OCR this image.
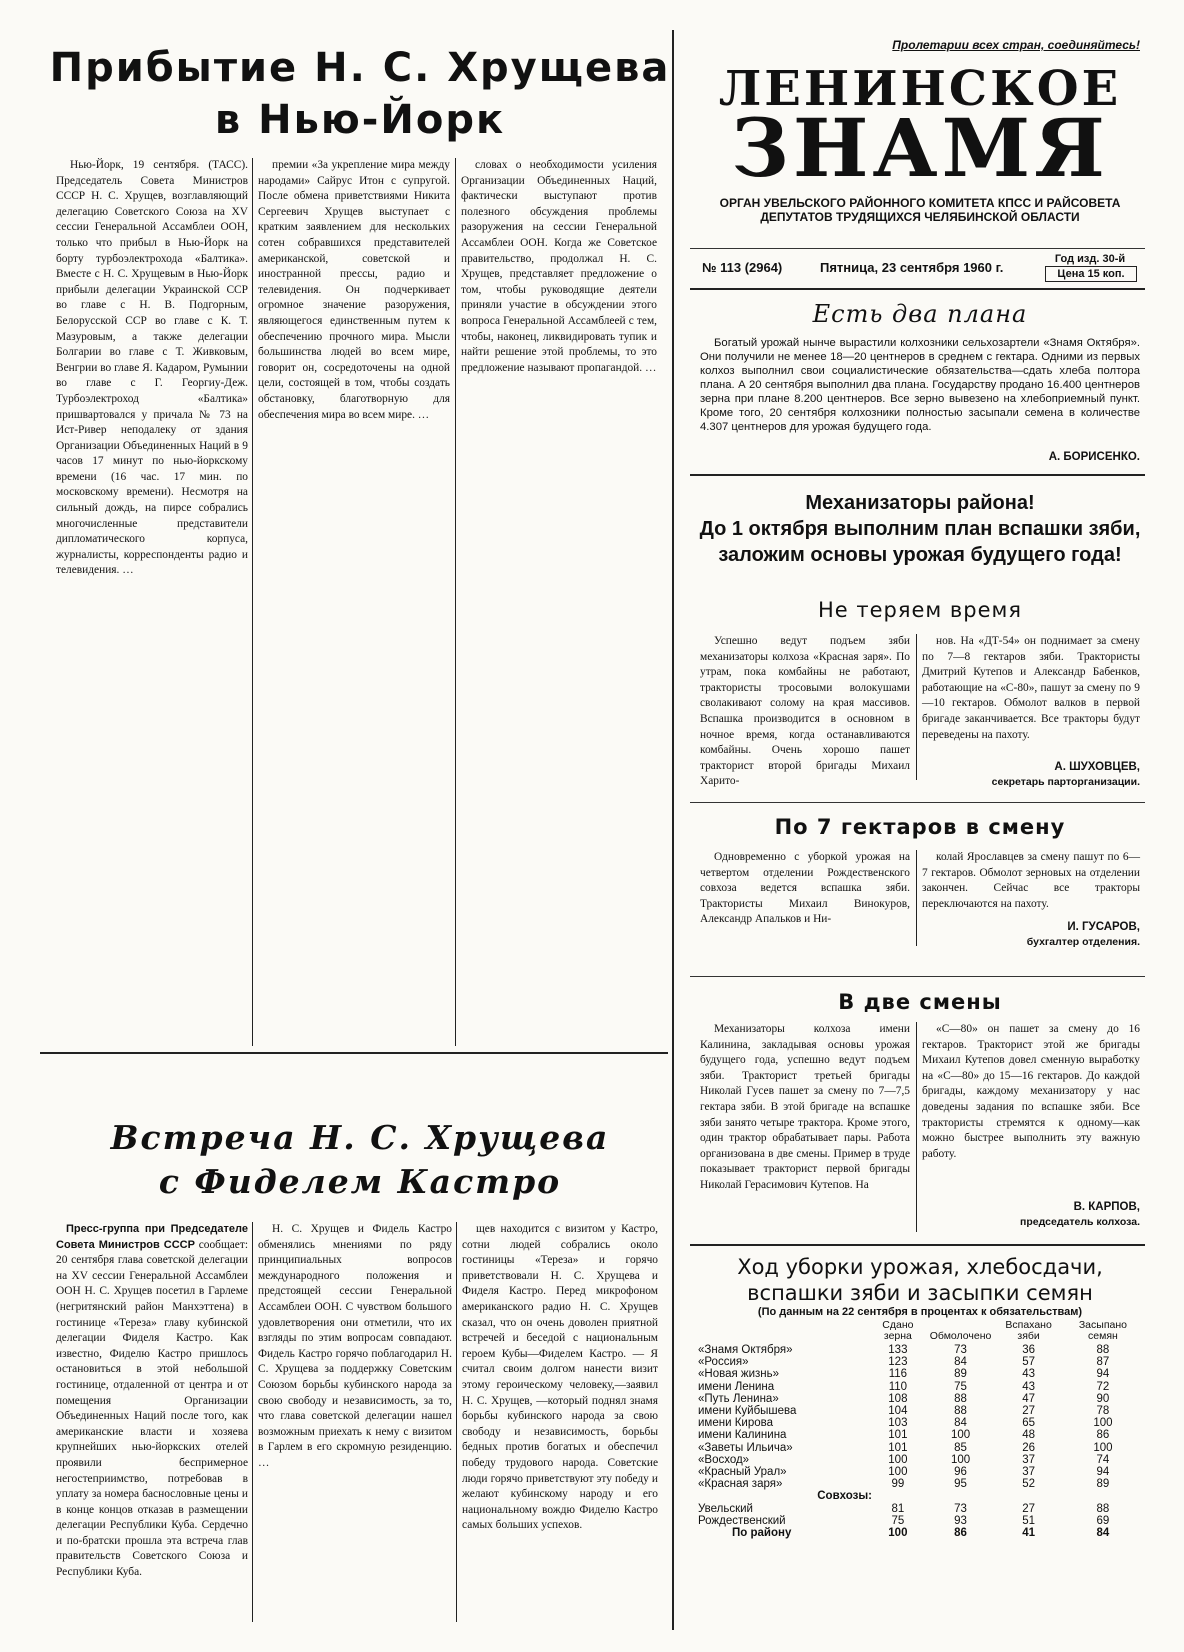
Прибытие Н. С. Хрущева в Нью-Йорк

Нью-Йорк, 19 сентября. (ТАСС). Председатель Совета Министров СССР Н. С. Хрущев, возглавляющий делегацию Советского Союза на XV сессии Генеральной Ассамблеи ООН, только что прибыл в Нью-Йорк на борту турбоэлектрохода «Балтика». Вместе с Н. С. Хрущевым в Нью-Йорк прибыли делегации Украинской ССР во главе с Н. В. Подгорным, Белорусской ССР во главе с К. Т. Мазуровым, а также делегации Болгарии во главе с Т. Живковым, Венгрии во главе Я. Кадаром, Румынии во главе с Г. Георгиу-Деж. Турбоэлектроход «Балтика» пришвартовался у причала № 73 на Ист-Ривер неподалеку от здания Организации Объединенных Наций в 9 часов 17 минут по нью-йоркскому времени (16 час. 17 мин. по московскому времени). Несмотря на сильный дождь, на пирсе собрались многочисленные представители дипломатического корпуса, журналисты, корреспонденты радио и телевидения. …

премии «За укрепление мира между народами» Сайрус Итон с супругой. После обмена приветствиями Никита Сергеевич Хрущев выступает с кратким заявлением для нескольких сотен собравшихся представителей американской, советской и иностранной прессы, радио и телевидения. Он подчеркивает огромное значение разоружения, являющегося единственным путем к обеспечению прочного мира. Мысли большинства людей во всем мире, говорит он, сосредоточены на одной цели, состоящей в том, чтобы создать обстановку, благотворную для обеспечения мира во всем мире. …

словах о необходимости усиления Организации Объединенных Наций, фактически выступают против полезного обсуждения проблемы разоружения на сессии Генеральной Ассамблеи ООН. Когда же Советское правительство, продолжал Н. С. Хрущев, представляет предложение о том, чтобы руководящие деятели приняли участие в обсуждении этого вопроса Генеральной Ассамблеей с тем, чтобы, наконец, ликвидировать тупик и найти решение этой проблемы, то это предложение называют пропагандой. …

Встреча Н. С. Хрущева
с Фиделем Кастро

Пресс-группа при Председателе Совета Министров СССР сообщает: 20 сентября глава советской делегации на XV сессии Генеральной Ассамблеи ООН Н. С. Хрущев посетил в Гарлеме (негритянский район Манхэттена) в гостинице «Тереза» главу кубинской делегации Фиделя Кастро. Как известно, Фиделю Кастро пришлось остановиться в этой небольшой гостинице, отдаленной от центра и от помещения Организации Объединенных Наций после того, как американские власти и хозяева крупнейших нью-йоркских отелей проявили беспримерное негостеприимство, потребовав в уплату за номера баснословные цены и в конце концов отказав в размещении делегации Республики Куба. Сердечно и по-братски прошла эта встреча глав правительств Советского Союза и Республики Куба.

Н. С. Хрущев и Фидель Кастро обменялись мнениями по ряду принципиальных вопросов международного положения и предстоящей сессии Генеральной Ассамблеи ООН. С чувством большого удовлетворения они отметили, что их взгляды по этим вопросам совпадают. Фидель Кастро горячо поблагодарил Н. С. Хрущева за поддержку Советским Союзом борьбы кубинского народа за свою свободу и независимость, за то, что глава советской делегации нашел возможным приехать к нему с визитом в Гарлем в его скромную резиденцию. …

щев находится с визитом у Кастро, сотни людей собрались около гостиницы «Тереза» и горячо приветствовали Н. С. Хрущева и Фиделя Кастро. Перед микрофоном американского радио Н. С. Хрущев сказал, что он очень доволен приятной встречей и беседой с национальным героем Кубы—Фиделем Кастро. — Я считал своим долгом нанести визит этому героическому человеку,—заявил Н. С. Хрущев, —который поднял знамя борьбы кубинского народа за свою свободу и независимость, борьбы бедных против богатых и обеспечил победу трудового народа. Советские люди горячо приветствуют эту победу и желают кубинскому народу и его национальному вождю Фиделю Кастро самых больших успехов.

Пролетарии всех стран, соединяйтесь!
ЛЕНИНСКОЕ
ЗНАМЯ
ОРГАН УВЕЛЬСКОГО РАЙОННОГО КОМИТЕТА КПСС И РАЙСОВЕТА ДЕПУТАТОВ ТРУДЯЩИХСЯ ЧЕЛЯБИНСКОЙ ОБЛАСТИ
№ 113 (2964)	Пятница, 23 сентября 1960 г.
Год изд. 30-й
Цена 15 коп.
Есть два плана

Богатый урожай нынче вырастили колхозники сельхозартели «Знамя Октября». Они получили не менее 18—20 центнеров в среднем с гектара. Одними из первых колхоз выполнил свои социалистические обязательства—сдать хлеба полтора плана. А 20 сентября выполнил два плана. Государству продано 16.400 центнеров зерна при плане 8.200 центнеров. Все зерно вывезено на хлебоприемный пункт. Кроме того, 20 сентября колхозники полностью засыпали семена в количестве 4.307 центнеров для урожая будущего года.

А. БОРИСЕНКО.
Механизаторы района!
До 1 октября выполним план вспашки зяби, заложим основы урожая будущего года!
Не теряем время

Успешно ведут подъем зяби механизаторы колхоза «Красная заря». По утрам, пока комбайны не работают, трактористы тросовыми волокушами сволакивают солому на края массивов. Вспашка производится в основном в ночное время, когда останавливаются комбайны. Очень хорошо пашет тракторист второй бригады Михаил Харито-

нов. На «ДТ-54» он поднимает за смену по 7—8 гектаров зяби. Трактористы Дмитрий Кутепов и Александр Бабенков, работающие на «С-80», пашут за смену по 9—10 гектаров. Обмолот валков в первой бригаде заканчивается. Все тракторы будут переведены на пахоту.

А. ШУХОВЦЕВ,
секретарь парторганизации.
По 7 гектаров в смену

Одновременно с уборкой урожая на четвертом отделении Рождественского совхоза ведется вспашка зяби. Трактористы Михаил Винокуров, Александр Апальков и Ни-

колай Ярославцев за смену пашут по 6—7 гектаров. Обмолот зерновых на отделении закончен. Сейчас все тракторы переключаются на пахоту.

И. ГУСАРОВ,
бухгалтер отделения.
В две смены

Механизаторы колхоза имени Калинина, закладывая основы урожая будущего года, успешно ведут подъем зяби. Тракторист третьей бригады Николай Гусев пашет за смену по 7—7,5 гектара зяби. В этой бригаде на вспашке зяби занято четыре трактора. Кроме этого, один трактор обрабатывает пары. Работа организована в две смены. Пример в труде показывает тракторист первой бригады Николай Герасимович Кутепов. На

«С—80» он пашет за смену до 16 гектаров. Тракторист этой же бригады Михаил Кутепов довел сменную выработку на «С—80» до 15—16 гектаров. До каждой бригады, каждому механизатору у нас доведены задания по вспашке зяби. Все трактористы стремятся к одному—как можно быстрее выполнить эту важную работу.

В. КАРПОВ,
председатель колхоза.
Ход уборки урожая, хлебосдачи, вспашки зяби и засыпки семян
(По данным на 22 сентября в процентах к обязательствам)
	Сдано зерна	Обмолочено	Вспахано зяби	Засыпано семян
«Знамя Октября»	133	73	36	88
«Россия»	123	84	57	87
«Новая жизнь»	116	89	43	94
имени Ленина	110	75	43	72
«Путь Ленина»	108	88	47	90
имени Куйбышева	104	88	27	78
имени Кирова	103	84	65	100
имени Калинина	101	100	48	86
«Заветы Ильича»	101	85	26	100
«Восход»	100	100	37	74
«Красный Урал»	100	96	37	94
«Красная заря»	99	95	52	89
Совхозы:				
Увельский	81	73	27	88
Рождественский	75	93	51	69
По району	100	86	41	84
